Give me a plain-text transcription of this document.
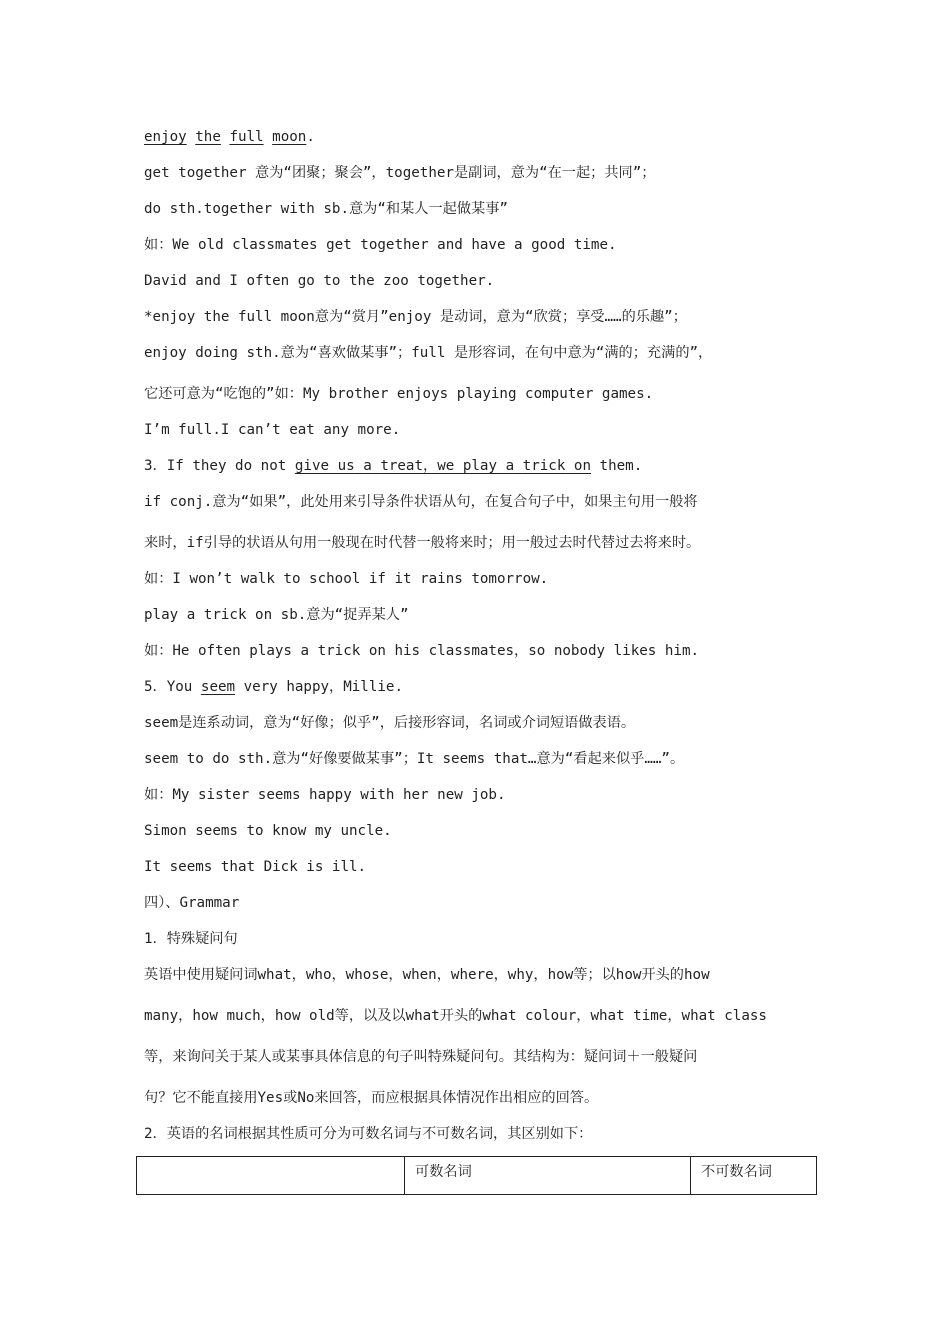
enjoy the full moon.
get together 意为“团聚；聚会”，together是副词，意为“在一起；共同”；
do sth.together with sb.意为“和某人一起做某事”
如：We old classmates get together and have a good time.
David and I often go to the zoo together.
*enjoy the full moon意为“赏月”enjoy 是动词，意为“欣赏；享受……的乐趣”；
enjoy doing sth.意为“喜欢做某事”；full 是形容词，在句中意为“满的；充满的”，
它还可意为“吃饱的”如：My brother enjoys playing computer games.
I’m full.I can’t eat any more.
3．If they do not give us a treat，we play a trick on them.
if conj.意为“如果”，此处用来引导条件状语从句，在复合句子中，如果主句用一般将
来时，if引导的状语从句用一般现在时代替一般将来时；用一般过去时代替过去将来时。
如：I won’t walk to school if it rains tomorrow.
play a trick on sb.意为“捉弄某人”
如：He often plays a trick on his classmates，so nobody likes him.
5．You seem very happy，Millie.
seem是连系动词，意为“好像；似乎”，后接形容词，名词或介词短语做表语。
seem to do sth.意为“好像要做某事”；It seems that…意为“看起来似乎……”。
如：My sister seems happy with her new job.
Simon seems to know my uncle.
It seems that Dick is ill.
四）、Grammar
1．特殊疑问句
英语中使用疑问词what，who，whose，when，where，why，how等；以how开头的how
many，how much，how old等，以及以what开头的what colour，what time，what class
等，来询问关于某人或某事具体信息的句子叫特殊疑问句。其结构为：疑问词＋一般疑问
句？它不能直接用Yes或No来回答，而应根据具体情况作出相应的回答。
2．英语的名词根据其性质可分为可数名词与不可数名词，其区别如下：
	可数名词	不可数名词
